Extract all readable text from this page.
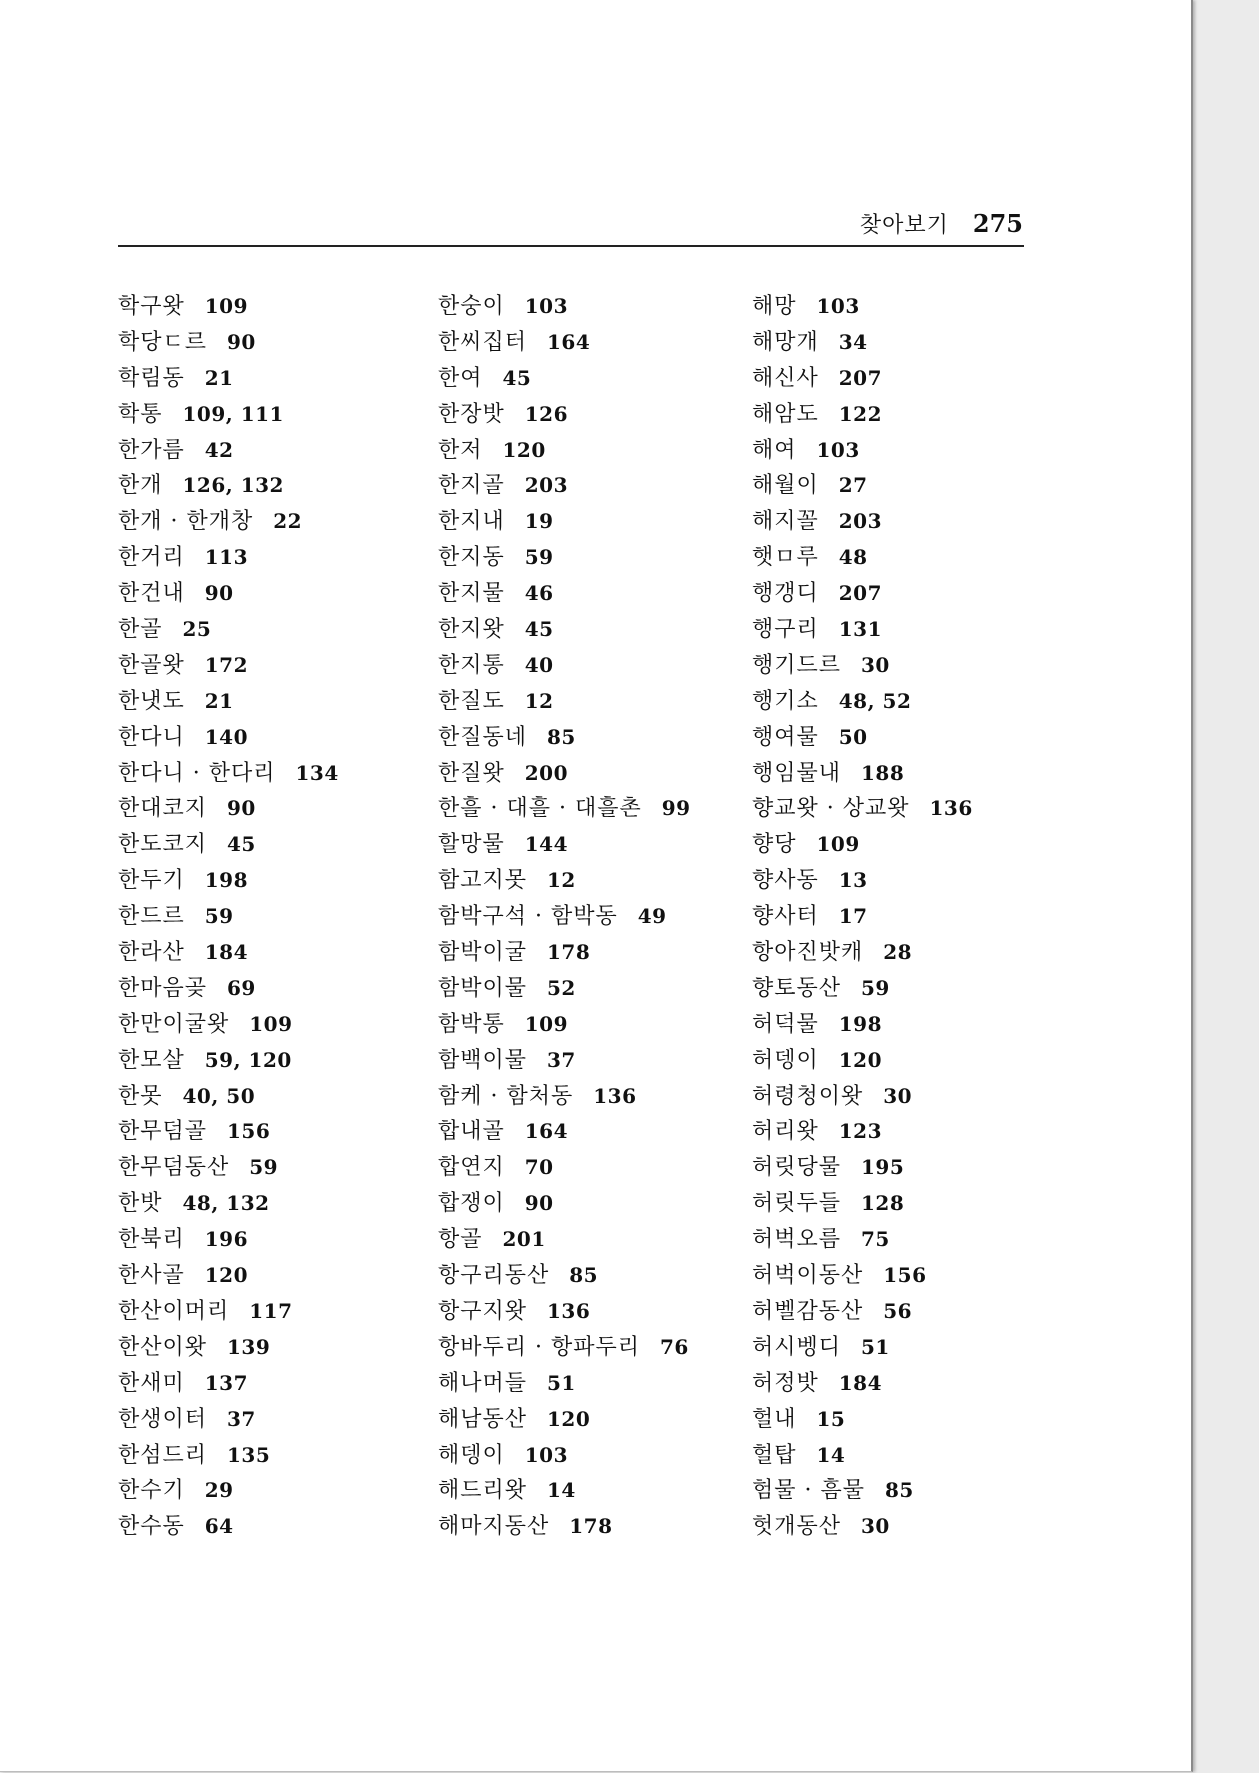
찾아보기 275
학구왓 109
학당ㄷ르 90
학림동 21
학통 109, 111
한가름 42
한개 126, 132
한개 · 한개창 22
한거리 113
한건내 90
한골 25
한골왓 172
한냇도 21
한다니 140
한다니 · 한다리 134
한대코지 90
한도코지 45
한두기 198
한드르 59
한라산 184
한마음곶 69
한만이굴왓 109
한모살 59, 120
한못 40, 50
한무덤골 156
한무덤동산 59
한밧 48, 132
한북리 196
한사골 120
한산이머리 117
한산이왓 139
한새미 137
한생이터 37
한섬드리 135
한수기 29
한수동 64
한숭이 103
한씨집터 164
한여 45
한장밧 126
한저 120
한지골 203
한지내 19
한지동 59
한지물 46
한지왓 45
한지통 40
한질도 12
한질동네 85
한질왓 200
한흘 · 대흘 · 대흘촌 99
할망물 144
함고지못 12
함박구석 · 함박동 49
함박이굴 178
함박이물 52
함박통 109
함백이물 37
함케 · 함처동 136
합내골 164
합연지 70
합쟁이 90
항골 201
항구리동산 85
항구지왓 136
항바두리 · 항파두리 76
해나머들 51
해남동산 120
해뎅이 103
해드리왓 14
해마지동산 178
해망 103
해망개 34
해신사 207
해암도 122
해여 103
해월이 27
해지꼴 203
햇ㅁ루 48
행갱디 207
행구리 131
행기드르 30
행기소 48, 52
행여물 50
행임물내 188
향교왓 · 상교왓 136
향당 109
향사동 13
향사터 17
항아진밧캐 28
향토동산 59
허덕물 198
허뎅이 120
허령청이왓 30
허리왓 123
허릿당물 195
허릿두들 128
허벅오름 75
허벅이동산 156
허벨감동산 56
허시벵디 51
허정밧 184
헐내 15
헐탑 14
험물 · 흠물 85
헛개동산 30
